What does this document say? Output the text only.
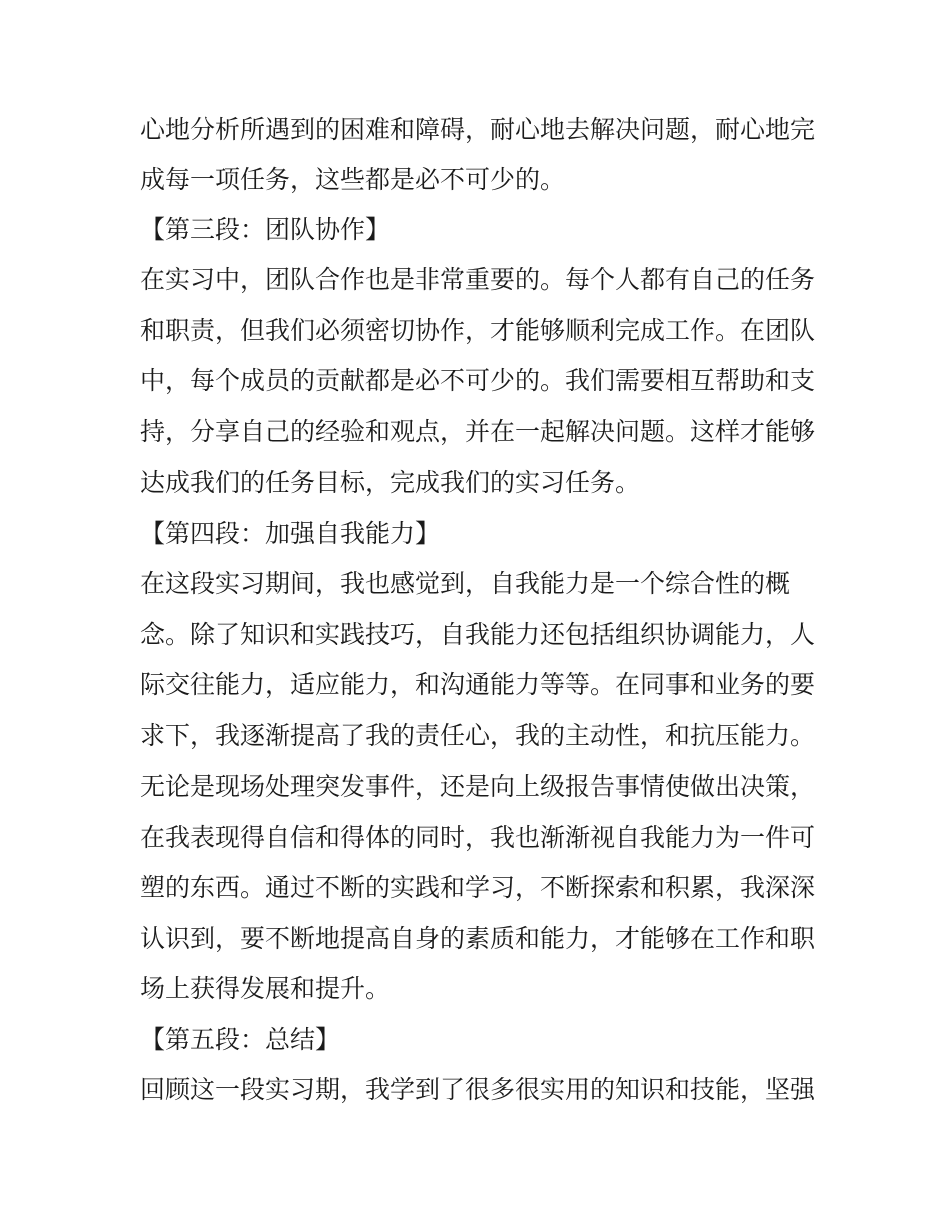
心地分析所遇到的困难和障碍，耐心地去解决问题，耐心地完

成每一项任务，这些都是必不可少的。

【第三段：团队协作】

在实习中，团队合作也是非常重要的。每个人都有自己的任务

和职责，但我们必须密切协作，才能够顺利完成工作。在团队

中，每个成员的贡献都是必不可少的。我们需要相互帮助和支

持，分享自己的经验和观点，并在一起解决问题。这样才能够

达成我们的任务目标，完成我们的实习任务。

【第四段：加强自我能力】

在这段实习期间，我也感觉到，自我能力是一个综合性的概

念。除了知识和实践技巧，自我能力还包括组织协调能力，人

际交往能力，适应能力，和沟通能力等等。在同事和业务的要

求下，我逐渐提高了我的责任心，我的主动性，和抗压能力。

无论是现场处理突发事件，还是向上级报告事情使做出决策，

在我表现得自信和得体的同时，我也渐渐视自我能力为一件可

塑的东西。通过不断的实践和学习，不断探索和积累，我深深

认识到，要不断地提高自身的素质和能力，才能够在工作和职

场上获得发展和提升。

【第五段：总结】

回顾这一段实习期，我学到了很多很实用的知识和技能，坚强
